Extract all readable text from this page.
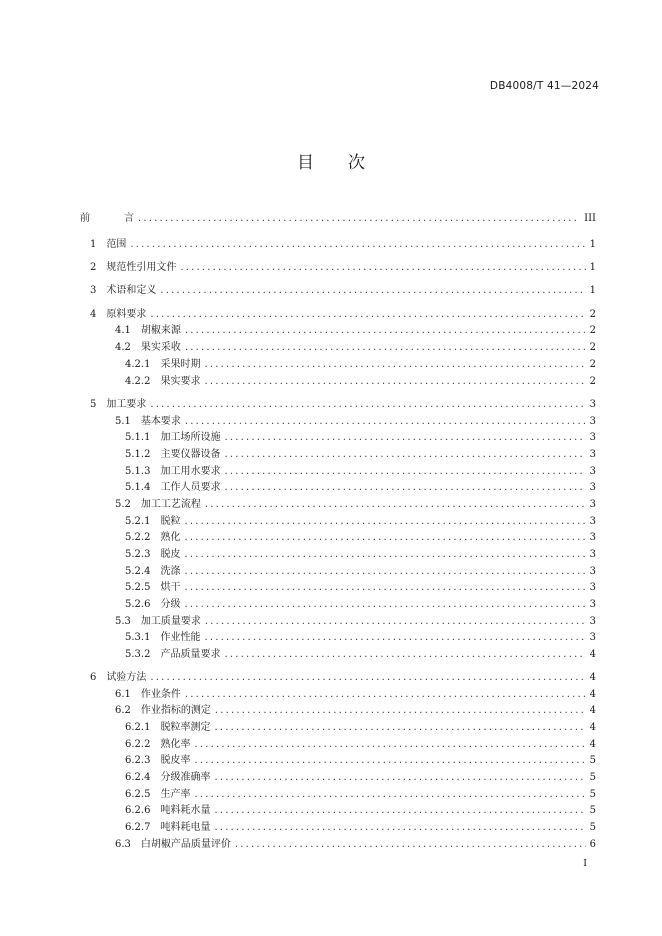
DB4008/T 41—2024
目　　次
前	言 .....	III
1 范围 .....	1
2 规范性引用文件 .....	1
3 术语和定义 .....	1
4 原料要求 .....	2
4.1 胡椒来源 .....	2
4.2 果实采收 .....	2
4.2.1 采果时期 .....	2
4.2.2 果实要求 .....	2
5 加工要求 .....	3
5.1 基本要求 .....	3
5.1.1 加工场所设施 .....	3
5.1.2 主要仪器设备 .....	3
5.1.3 加工用水要求 .....	3
5.1.4 工作人员要求 .....	3
5.2 加工工艺流程 .....	3
5.2.1 脱粒 .....	3
5.2.2 熟化 .....	3
5.2.3 脱皮 .....	3
5.2.4 洗涤 .....	3
5.2.5 烘干 .....	3
5.2.6 分级 .....	3
5.3 加工质量要求 .....	3
5.3.1 作业性能 .....	3
5.3.2 产品质量要求 .....	4
6 试验方法 .....	4
6.1 作业条件 .....	4
6.2 作业指标的测定 .....	4
6.2.1 脱粒率测定 .....	4
6.2.2 熟化率 .....	4
6.2.3 脱皮率 .....	5
6.2.4 分级准确率 .....	5
6.2.5 生产率 .....	5
6.2.6 吨料耗水量 .....	5
6.2.7 吨料耗电量 .....	5
6.3 白胡椒产品质量评价 .....	6
I
